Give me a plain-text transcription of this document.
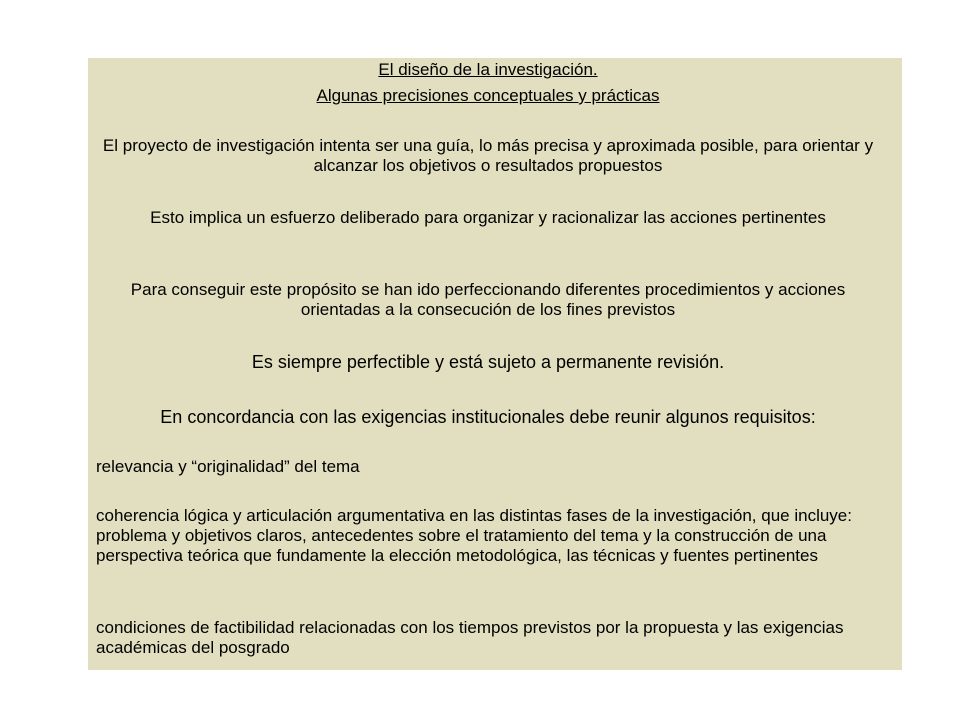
El diseño de la investigación.

Algunas precisiones conceptuales y prácticas

El proyecto de investigación intenta ser una guía, lo más precisa y aproximada posible, para orientar y alcanzar los objetivos o resultados propuestos

Esto implica un esfuerzo deliberado para organizar y racionalizar las acciones pertinentes

Para conseguir este propósito se han ido perfeccionando diferentes procedimientos y acciones orientadas a la consecución de los fines previstos

Es siempre perfectible y está sujeto a permanente revisión.

En concordancia con las exigencias institucionales debe reunir algunos requisitos:

relevancia y “originalidad” del tema

coherencia lógica y articulación argumentativa en las distintas fases de la investigación, que incluye: problema y objetivos claros, antecedentes sobre el tratamiento del tema y la construcción de una perspectiva teórica que fundamente la elección metodológica, las técnicas y fuentes pertinentes

condiciones de factibilidad relacionadas con los tiempos previstos por la propuesta y las exigencias académicas del posgrado
